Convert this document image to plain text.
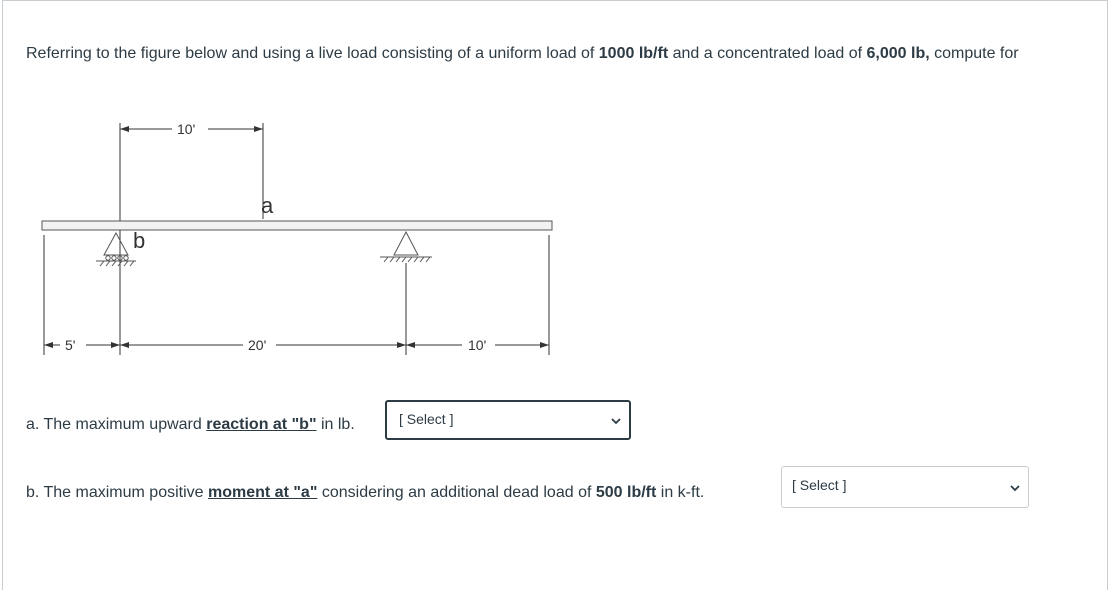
Referring to the figure below and using a live load consisting of a uniform load of 1000 lb/ft and a concentrated load of 6,000 lb, compute for

10'
a
b
5'	20'	10'
a. The maximum upward reaction at "b" in lb.	[ Select ]
b. The maximum positive moment at "a" considering an additional dead load of 500 lb/ft in k-ft.	[ Select ]
